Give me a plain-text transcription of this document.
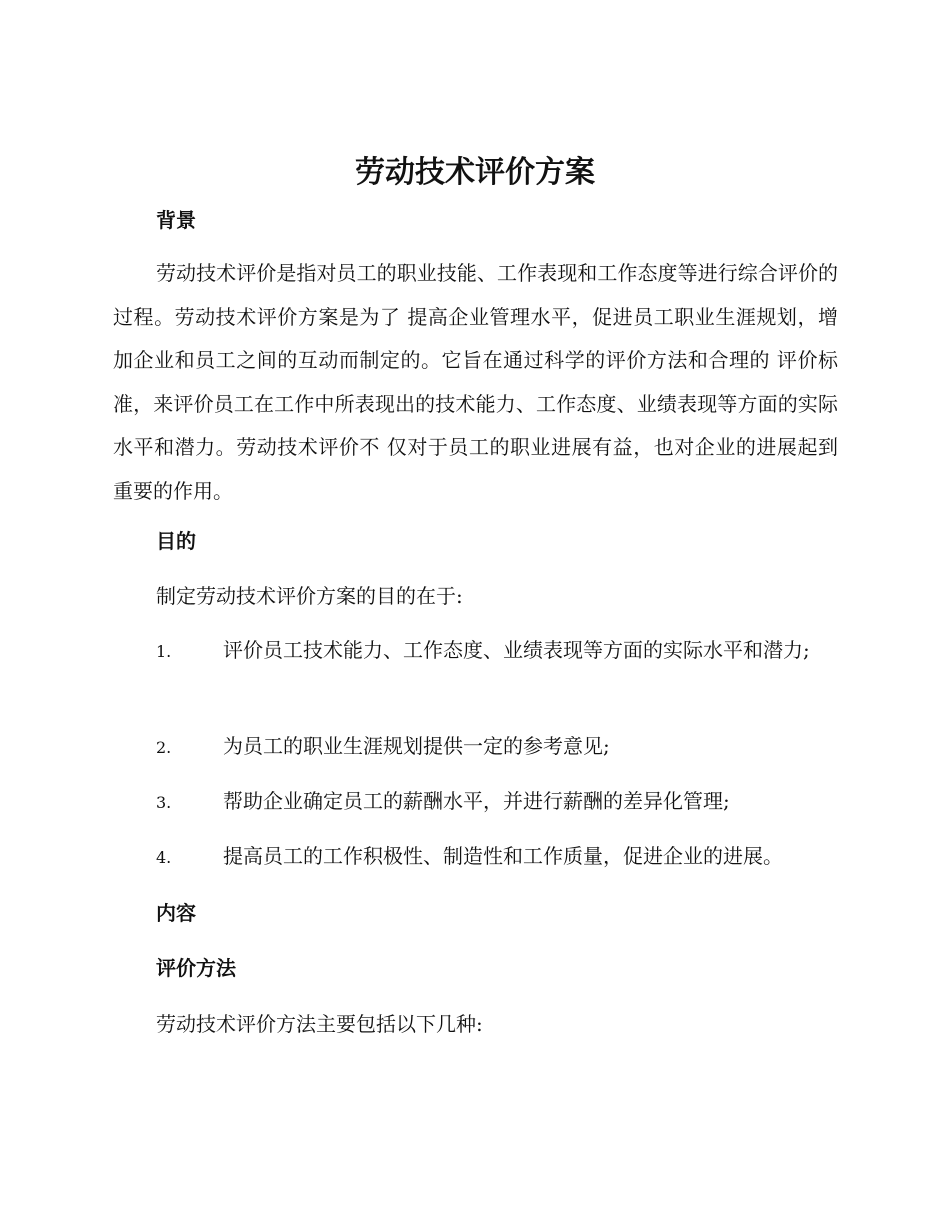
劳动技术评价方案
背景

劳动技术评价是指对员工的职业技能、工作表现和工作态度等进行综合评价的过程。劳动技术评价方案是为了 提高企业管理水平，促进员工职业生涯规划，增加企业和员工之间的互动而制定的。它旨在通过科学的评价方法和合理的 评价标准，来评价员工在工作中所表现出的技术能力、工作态度、业绩表现等方面的实际水平和潜力。劳动技术评价不 仅对于员工的职业进展有益，也对企业的进展起到重要的作用。

目的

制定劳动技术评价方案的目的在于:

1.	评价员工技术能力、工作态度、业绩表现等方面的实际水平和潜力;
2.	为员工的职业生涯规划提供一定的参考意见;
3.	帮助企业确定员工的薪酬水平，并进行薪酬的差异化管理;
4.	提高员工的工作积极性、制造性和工作质量，促进企业的进展。
内容
评价方法

劳动技术评价方法主要包括以下几种:
